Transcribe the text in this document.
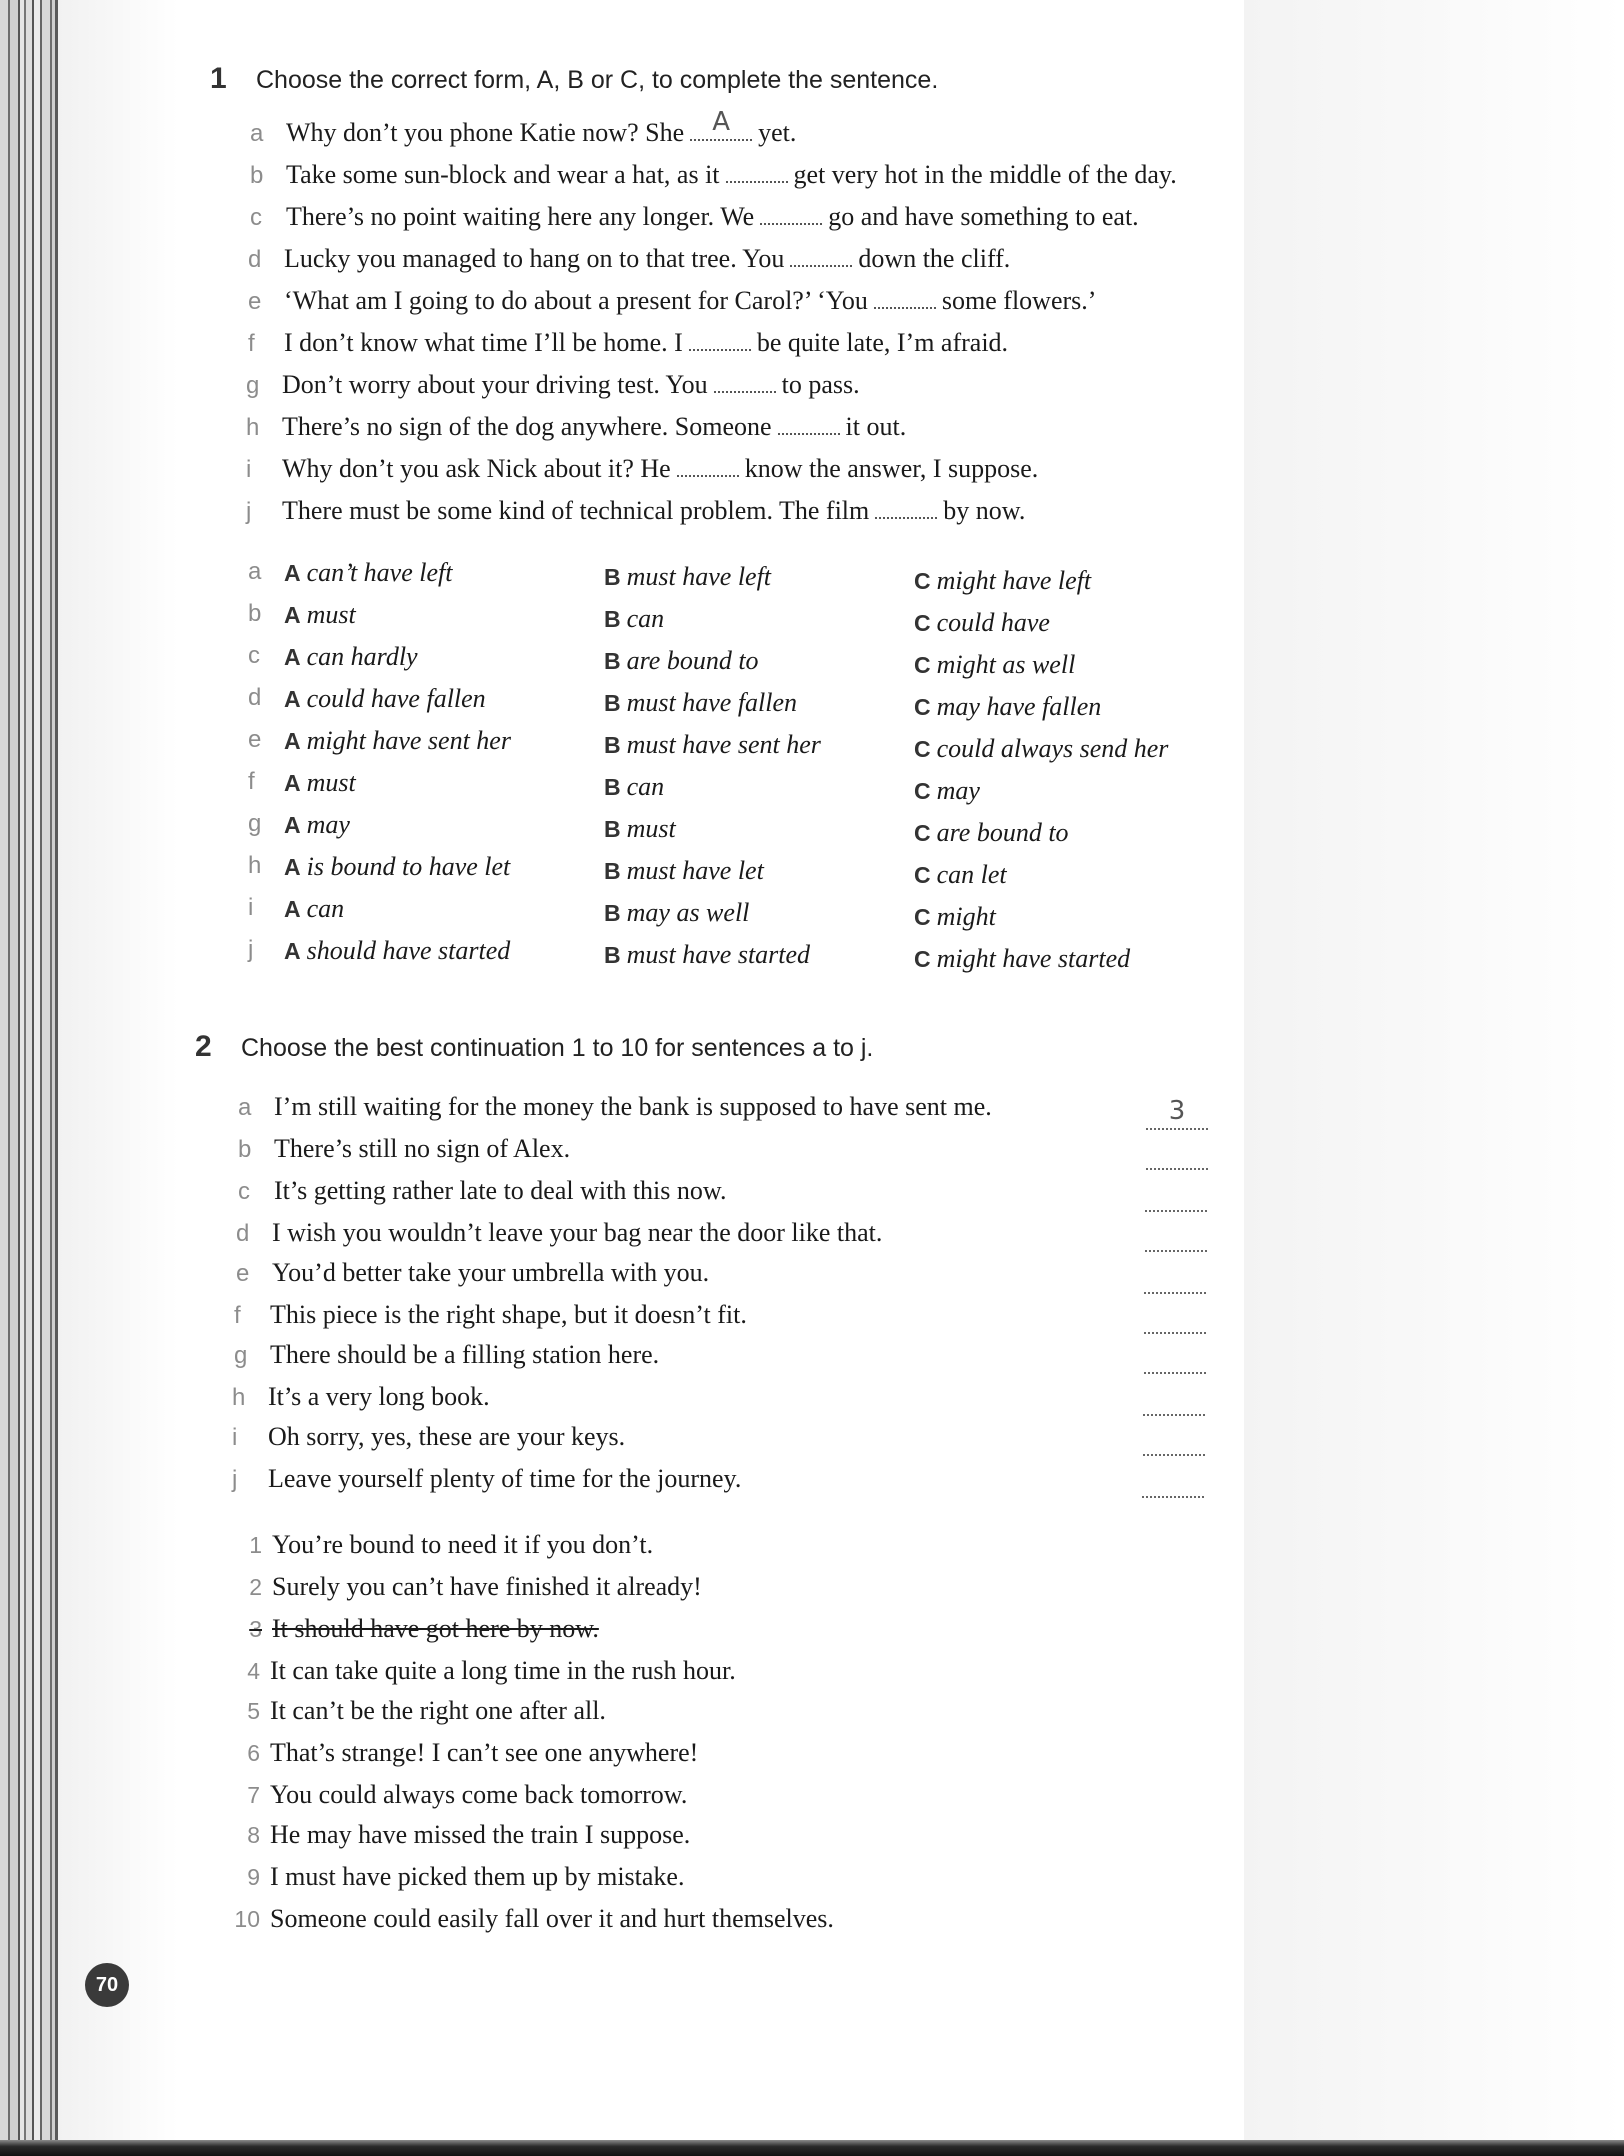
1	Choose the correct form, A, B or C, to complete the sentence.
a Why don’t you phone Katie now? She	A	yet.
b Take some sun-block and wear a hat, as it	get very hot in the middle of the day.
c There’s no point waiting here any longer. We	go and have something to eat.
d Lucky you managed to hang on to that tree. You	down the cliff.
e ‘What am I going to do about a present for Carol?’ ‘You	some flowers.’
f	I don’t know what time I’ll be home. I	be quite late, I’m afraid.
g Don’t worry about your driving test. You	to pass.
h There’s no sign of the dog anywhere. Someone	it out.
i	Why don’t you ask Nick about it? He	know the answer, I suppose.
j	There must be some kind of technical problem. The film	by now.
a A can’t have left	B must have left	C might have left
b A must	B can	C could have
c A can hardly	B are bound to	C might as well
d A could have fallen	B must have fallen	C may have fallen
e A might have sent her	B must have sent her	C could always send her
f A must	B can	C may
g A may	B must	C are bound to
h A is bound to have let	B must have let	C can let
i A can	B may as well	C might
j A should have started	B must have started	C might have started
2	Choose the best continuation 1 to 10 for sentences a to j.
a I’m still waiting for the money the bank is supposed to have sent me.	3
b There’s still no sign of Alex.
c It’s getting rather late to deal with this now.
d I wish you wouldn’t leave your bag near the door like that.
e You’d better take your umbrella with you.
f	This piece is the right shape, but it doesn’t fit.
g There should be a filling station here.
h It’s a very long book.
i	Oh sorry, yes, these are your keys.
j	Leave yourself plenty of time for the journey.
1 You’re bound to need it if you don’t.
2 Surely you can’t have finished it already!
3 It should have got here by now.
4 It can take quite a long time in the rush hour.
5 It can’t be the right one after all.
6 That’s strange! I can’t see one anywhere!
7 You could always come back tomorrow.
8 He may have missed the train I suppose.
9 I must have picked them up by mistake.
10 Someone could easily fall over it and hurt themselves.
70
